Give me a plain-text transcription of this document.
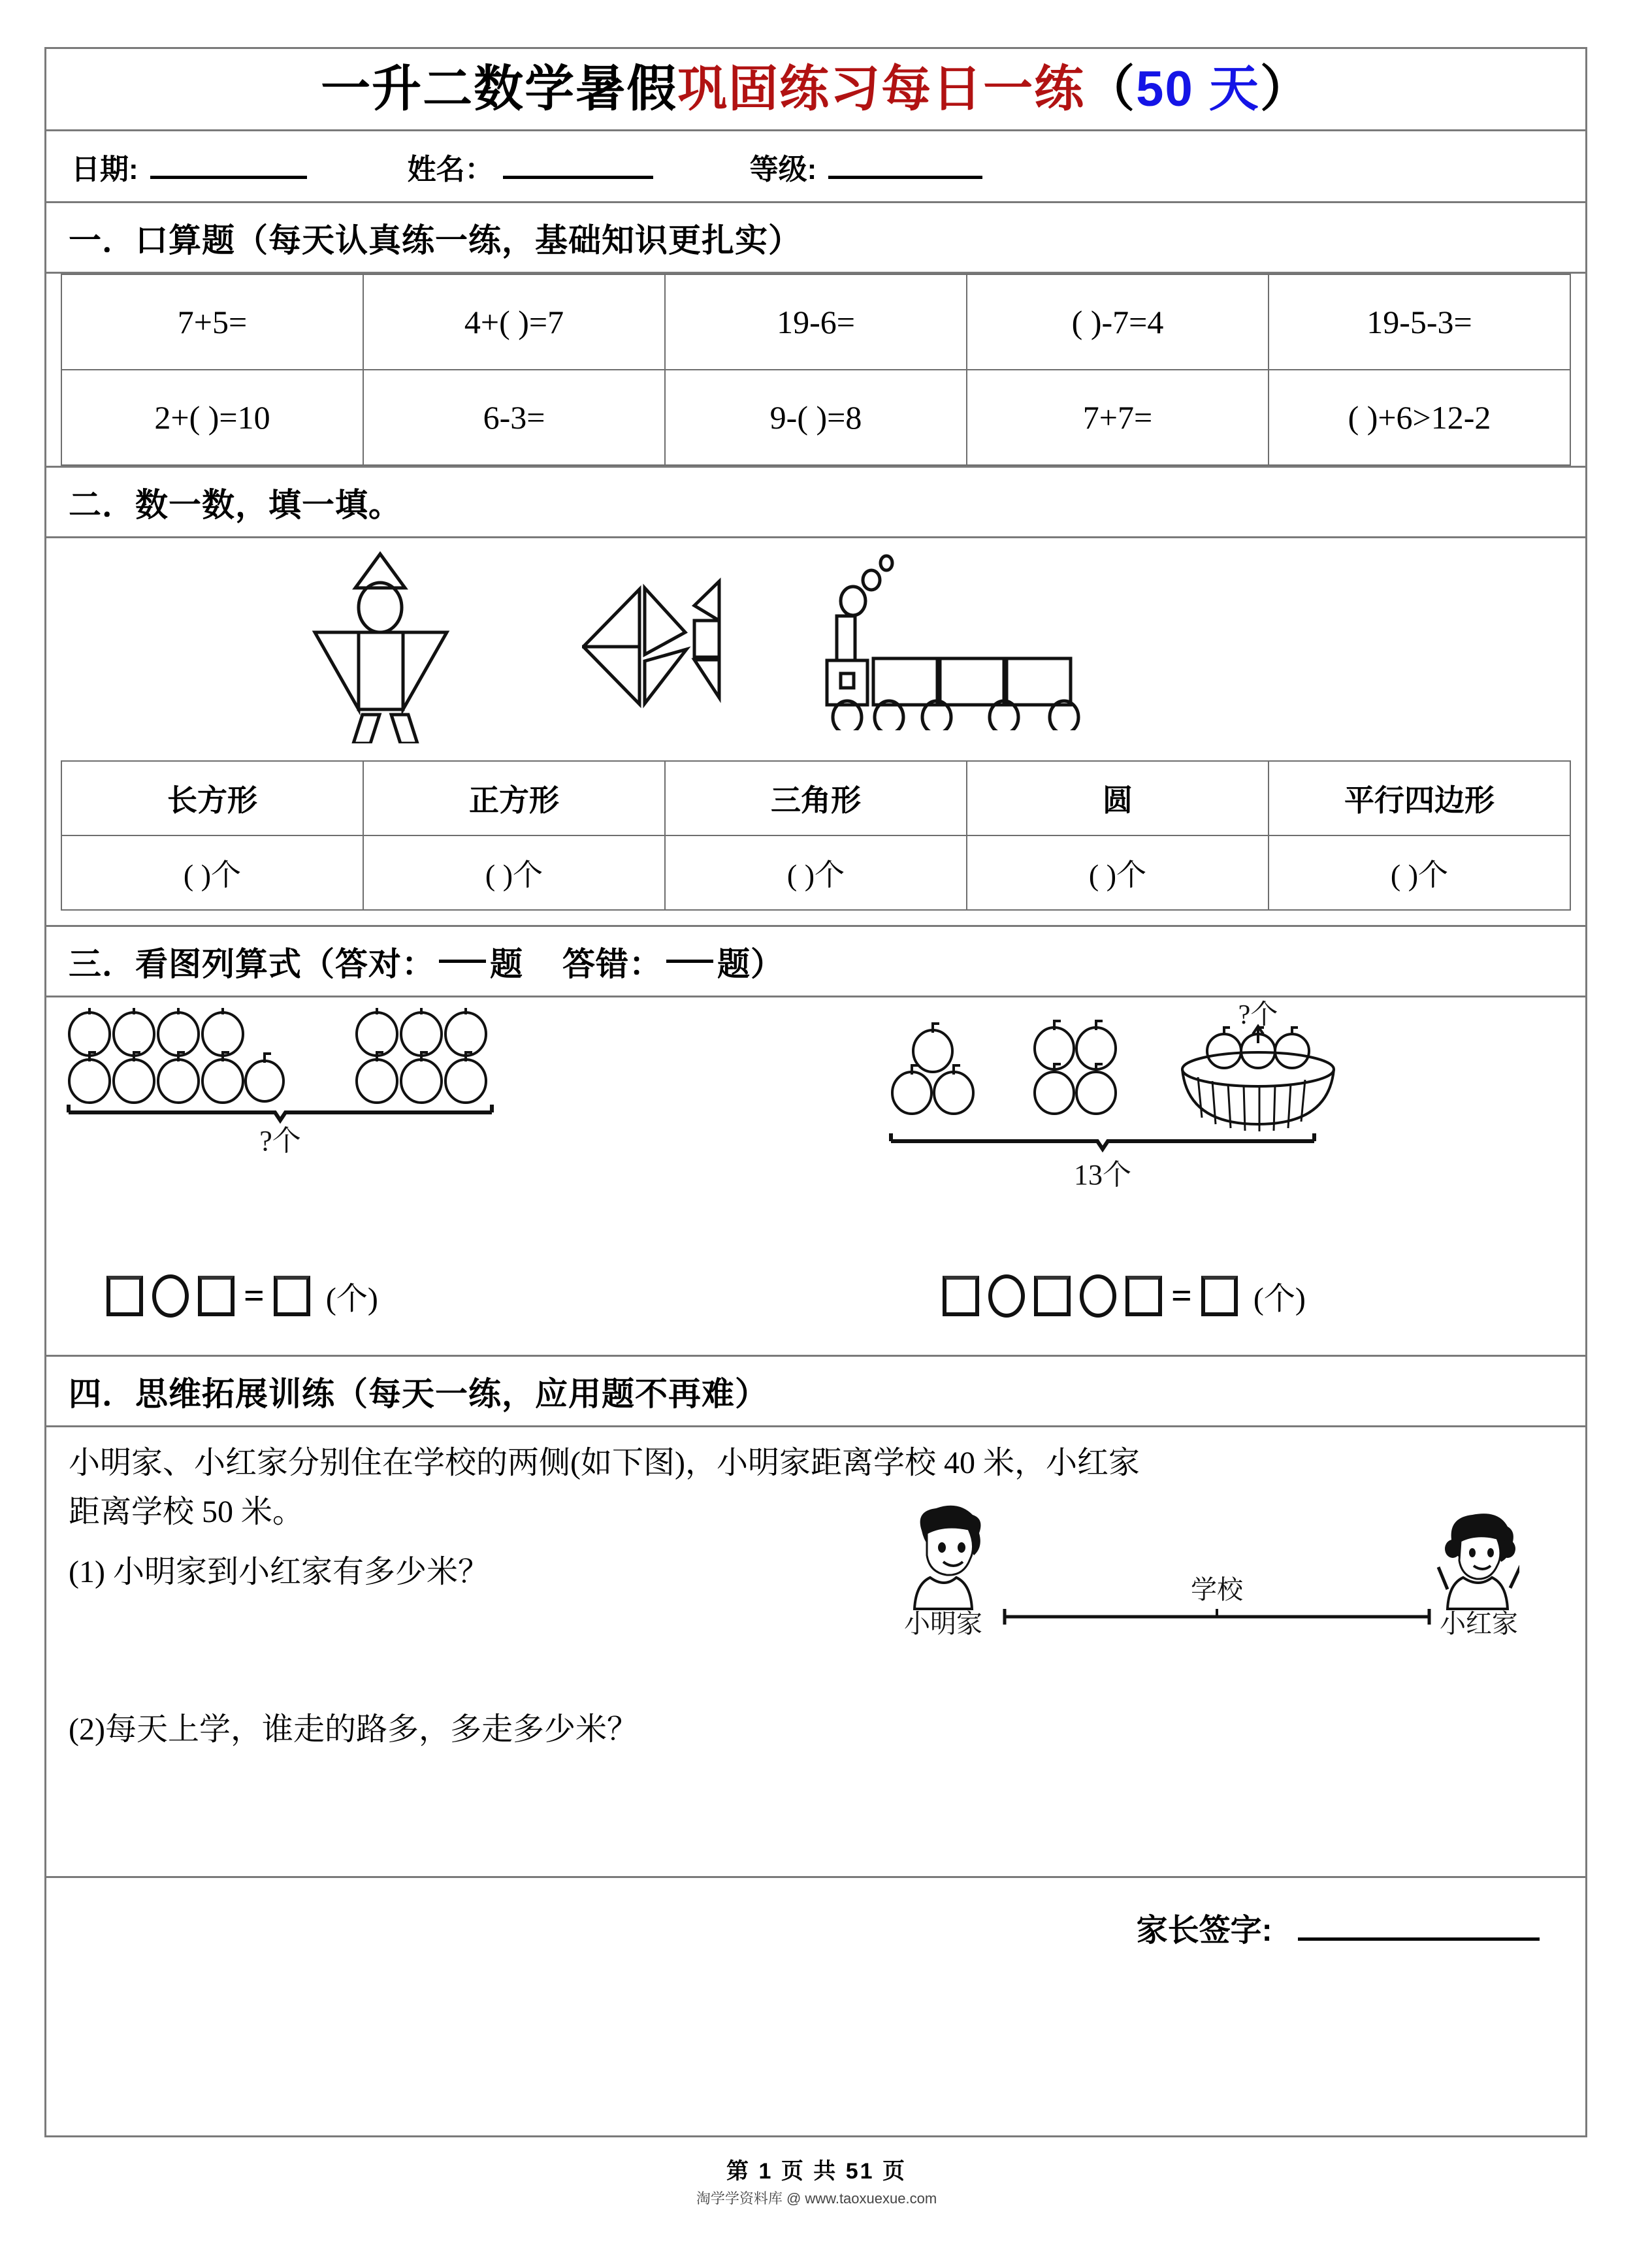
一升二数学暑假巩固练习每日一练（50 天）
日期:	姓名：	等级:
一．口算题（每天认真练一练，基础知识更扎实）
7+5=	4+( )=7	19-6=	( )-7=4	19-5-3=
2+( )=10	6-3=	9-( )=8	7+7=	( )+6>12-2
二．数一数，填一填。
长方形	正方形	三角形	圆	平行四边形
( )个	( )个	( )个	( )个	( )个
三．看图列算式（答对： 题 答错： 题）
?个
?个
13个
= (个)	= (个)
四．思维拓展训练（每天一练，应用题不再难）

小明家、小红家分别住在学校的两侧(如下图)，小明家距离学校 40 米，小红家

距离学校 50 米。

(1) 小明家到小红家有多少米？

(2)每天上学，谁走的路多，多走多少米？

小明家
学校
小红家
家长签字:
第 1 页 共 51 页
淘学学资料库 @ www.taoxuexue.com
